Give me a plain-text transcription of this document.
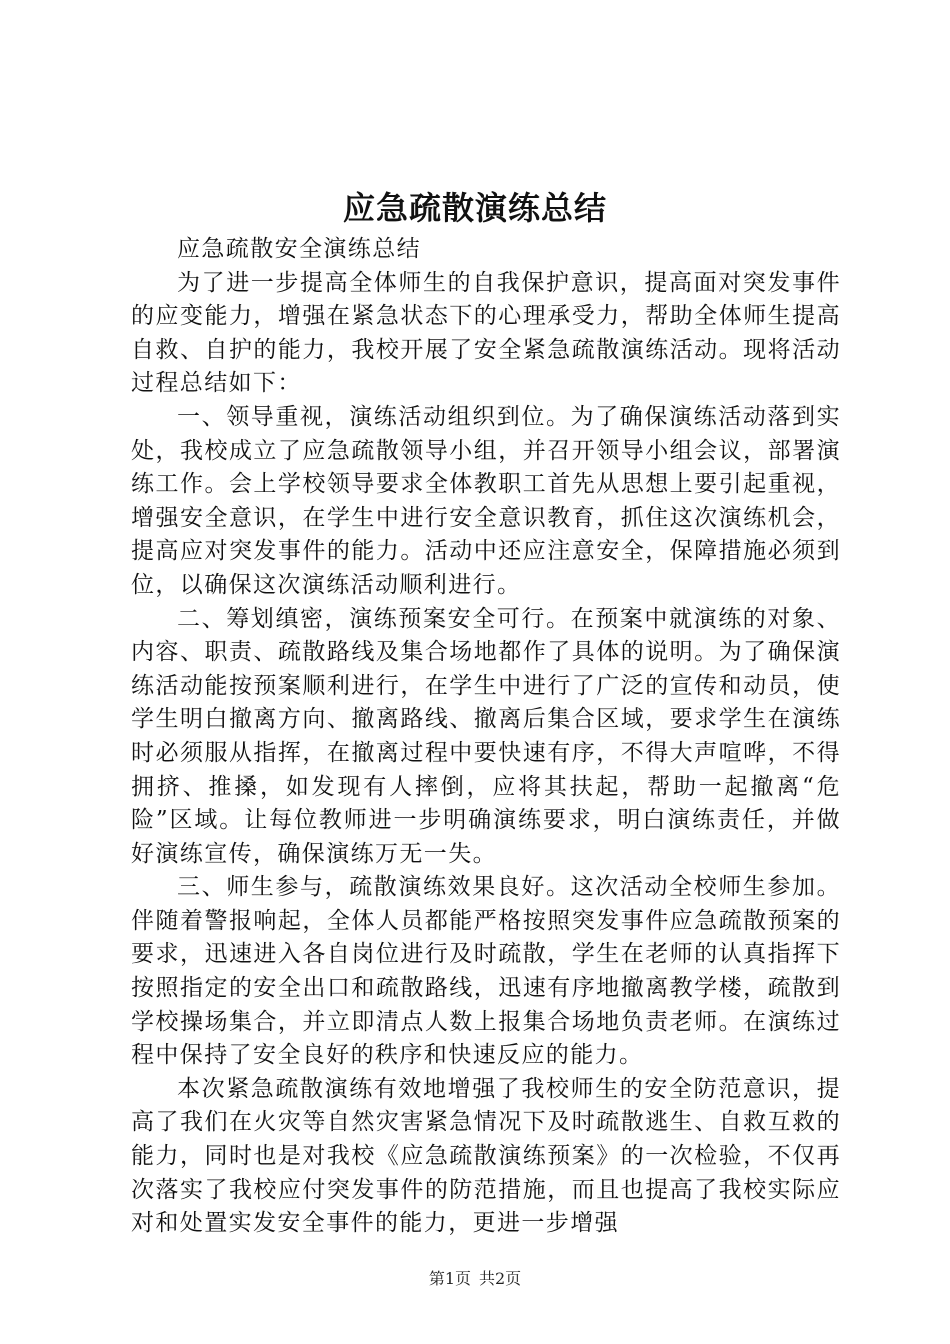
应急疏散演练总结

应急疏散安全演练总结

为了进一步提高全体师生的自我保护意识，提高面对突发事件的应变能力，增强在紧急状态下的心理承受力，帮助全体师生提高自救、自护的能力，我校开展了安全紧急疏散演练活动。现将活动过程总结如下：

一、领导重视，演练活动组织到位。为了确保演练活动落到实处，我校成立了应急疏散领导小组，并召开领导小组会议，部署演练工作。会上学校领导要求全体教职工首先从思想上要引起重视，增强安全意识，在学生中进行安全意识教育，抓住这次演练机会，提高应对突发事件的能力。活动中还应注意安全，保障措施必须到位，以确保这次演练活动顺利进行。

二、筹划缜密，演练预案安全可行。在预案中就演练的对象、内容、职责、疏散路线及集合场地都作了具体的说明。为了确保演练活动能按预案顺利进行，在学生中进行了广泛的宣传和动员，使学生明白撤离方向、撤离路线、撤离后集合区域，要求学生在演练时必须服从指挥，在撤离过程中要快速有序，不得大声喧哗，不得拥挤、推搡，如发现有人摔倒，应将其扶起，帮助一起撤离“危险”区域。让每位教师进一步明确演练要求，明白演练责任，并做好演练宣传，确保演练万无一失。

三、师生参与，疏散演练效果良好。这次活动全校师生参加。伴随着警报响起，全体人员都能严格按照突发事件应急疏散预案的要求，迅速进入各自岗位进行及时疏散，学生在老师的认真指挥下按照指定的安全出口和疏散路线，迅速有序地撤离教学楼，疏散到学校操场集合，并立即清点人数上报集合场地负责老师。在演练过程中保持了安全良好的秩序和快速反应的能力。

本次紧急疏散演练有效地增强了我校师生的安全防范意识，提高了我们在火灾等自然灾害紧急情况下及时疏散逃生、自救互救的能力，同时也是对我校《应急疏散演练预案》的一次检验，不仅再次落实了我校应付突发事件的防范措施，而且也提高了我校实际应对和处置实发安全事件的能力，更进一步增强

第1页 共2页
